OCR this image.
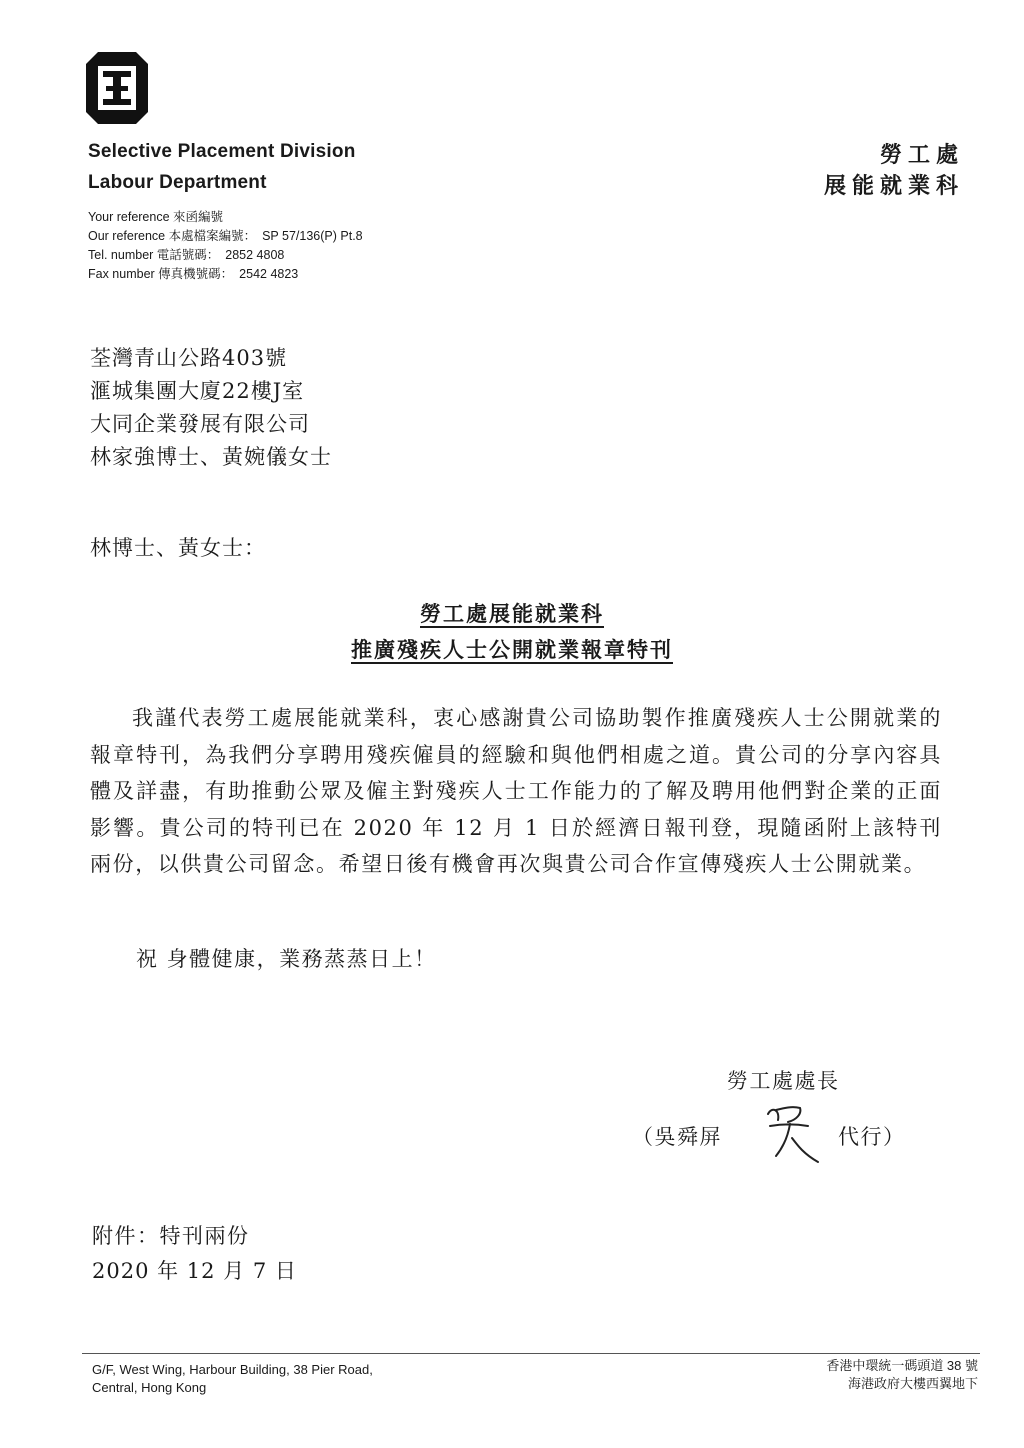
Selective Placement Division
Labour Department
勞工處
展能就業科
Your reference 來函編號
Our reference 本處檔案編號： SP 57/136(P) Pt.8
Tel. number 電話號碼： 2852 4808
Fax number 傳真機號碼： 2542 4823
荃灣青山公路403號
滙城集團大廈22樓J室
大同企業發展有限公司
林家強博士、黃婉儀女士
林博士、黃女士：
勞工處展能就業科
推廣殘疾人士公開就業報章特刊
我謹代表勞工處展能就業科，衷心感謝貴公司協助製作推廣殘疾人士公開就業的報章特刊，為我們分享聘用殘疾僱員的經驗和與他們相處之道。貴公司的分享內容具體及詳盡，有助推動公眾及僱主對殘疾人士工作能力的了解及聘用他們對企業的正面影響。貴公司的特刊已在 2020 年 12 月 1 日於經濟日報刊登，現隨函附上該特刊兩份，以供貴公司留念。希望日後有機會再次與貴公司合作宣傳殘疾人士公開就業。
祝 身體健康，業務蒸蒸日上！
勞工處處長
（吳舜屏	代行）
附件：特刊兩份
2020 年 12 月 7 日
G/F, West Wing, Harbour Building, 38 Pier Road,
Central, Hong Kong
香港中環統一碼頭道 38 號
海港政府大樓西翼地下
